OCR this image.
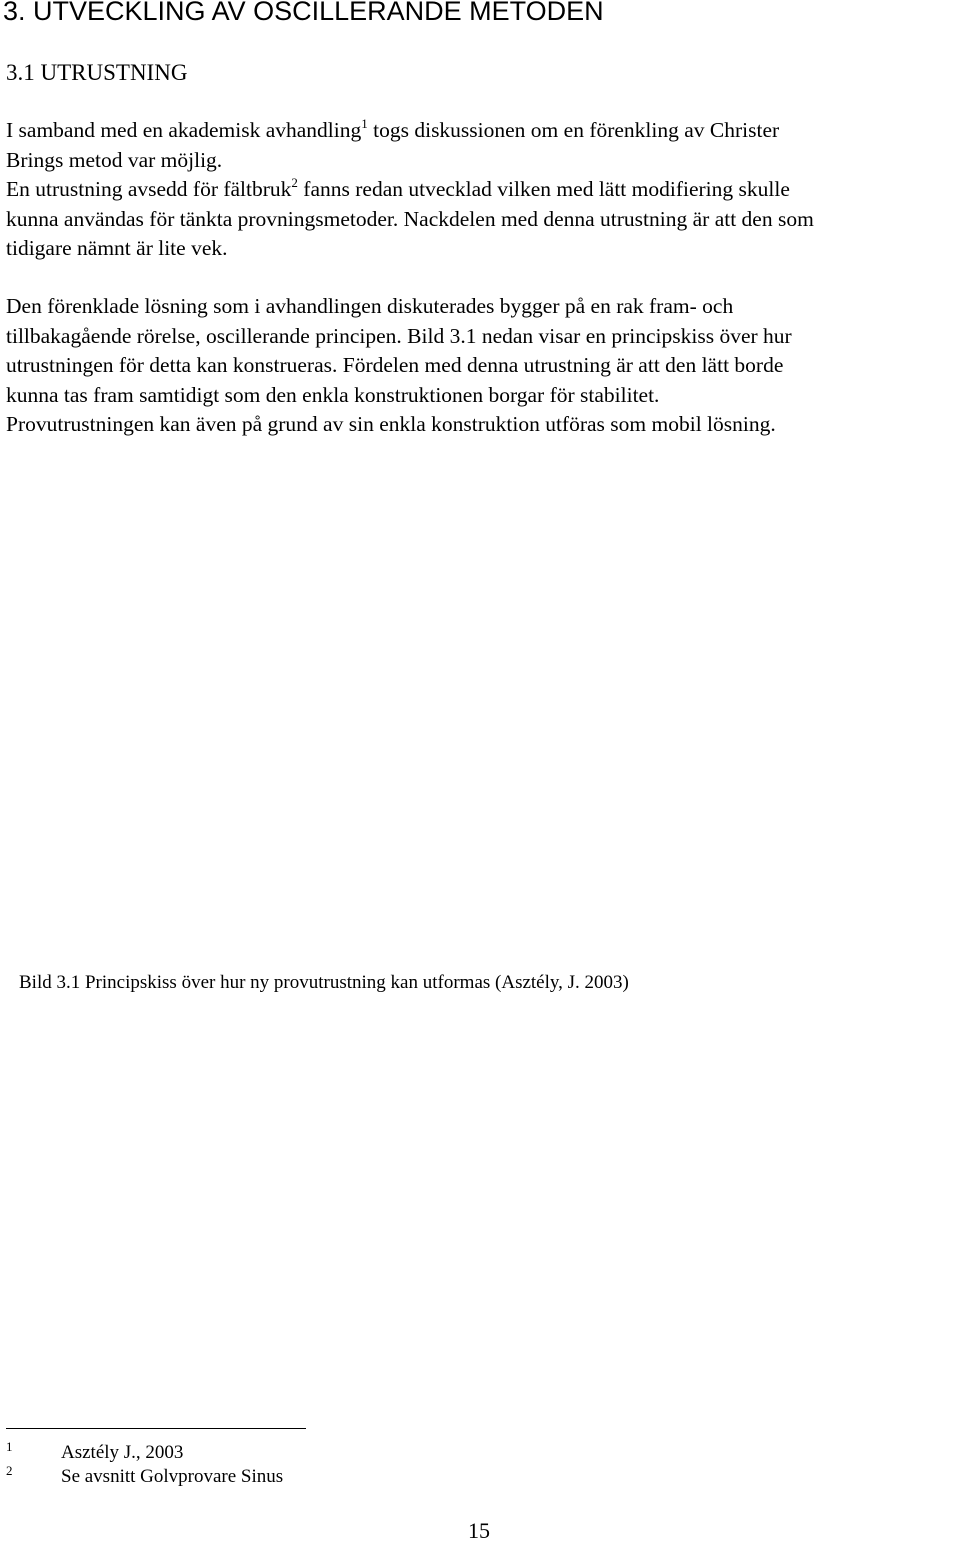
3. UTVECKLING AV OSCILLERANDE METODEN
3.1 UTRUSTNING
I samband med en akademisk avhandling$^1$ togs diskussionen om en förenkling av Christer
Brings metod var möjlig.
En utrustning avsedd för fältbruk$^2$ fanns redan utvecklad vilken med lätt modifiering skulle
kunna användas för tänkta provningsmetoder. Nackdelen med denna utrustning är att den som
tidigare nämnt är lite vek.
Den förenklade lösning som i avhandlingen diskuterades bygger på en rak fram- och
tillbakagående rörelse, oscillerande principen. Bild 3.1 nedan visar en principskiss över hur
utrustningen för detta kan konstrueras. Fördelen med denna utrustning är att den lätt borde
kunna tas fram samtidigt som den enkla konstruktionen borgar för stabilitet.
Provutrustningen kan även på grund av sin enkla konstruktion utföras som mobil lösning.
Bild 3.1 Principskiss över hur ny provutrustning kan utformas (Asztély, J. 2003)
1	Asztély J., 2003
2	Se avsnitt Golvprovare Sinus
15
